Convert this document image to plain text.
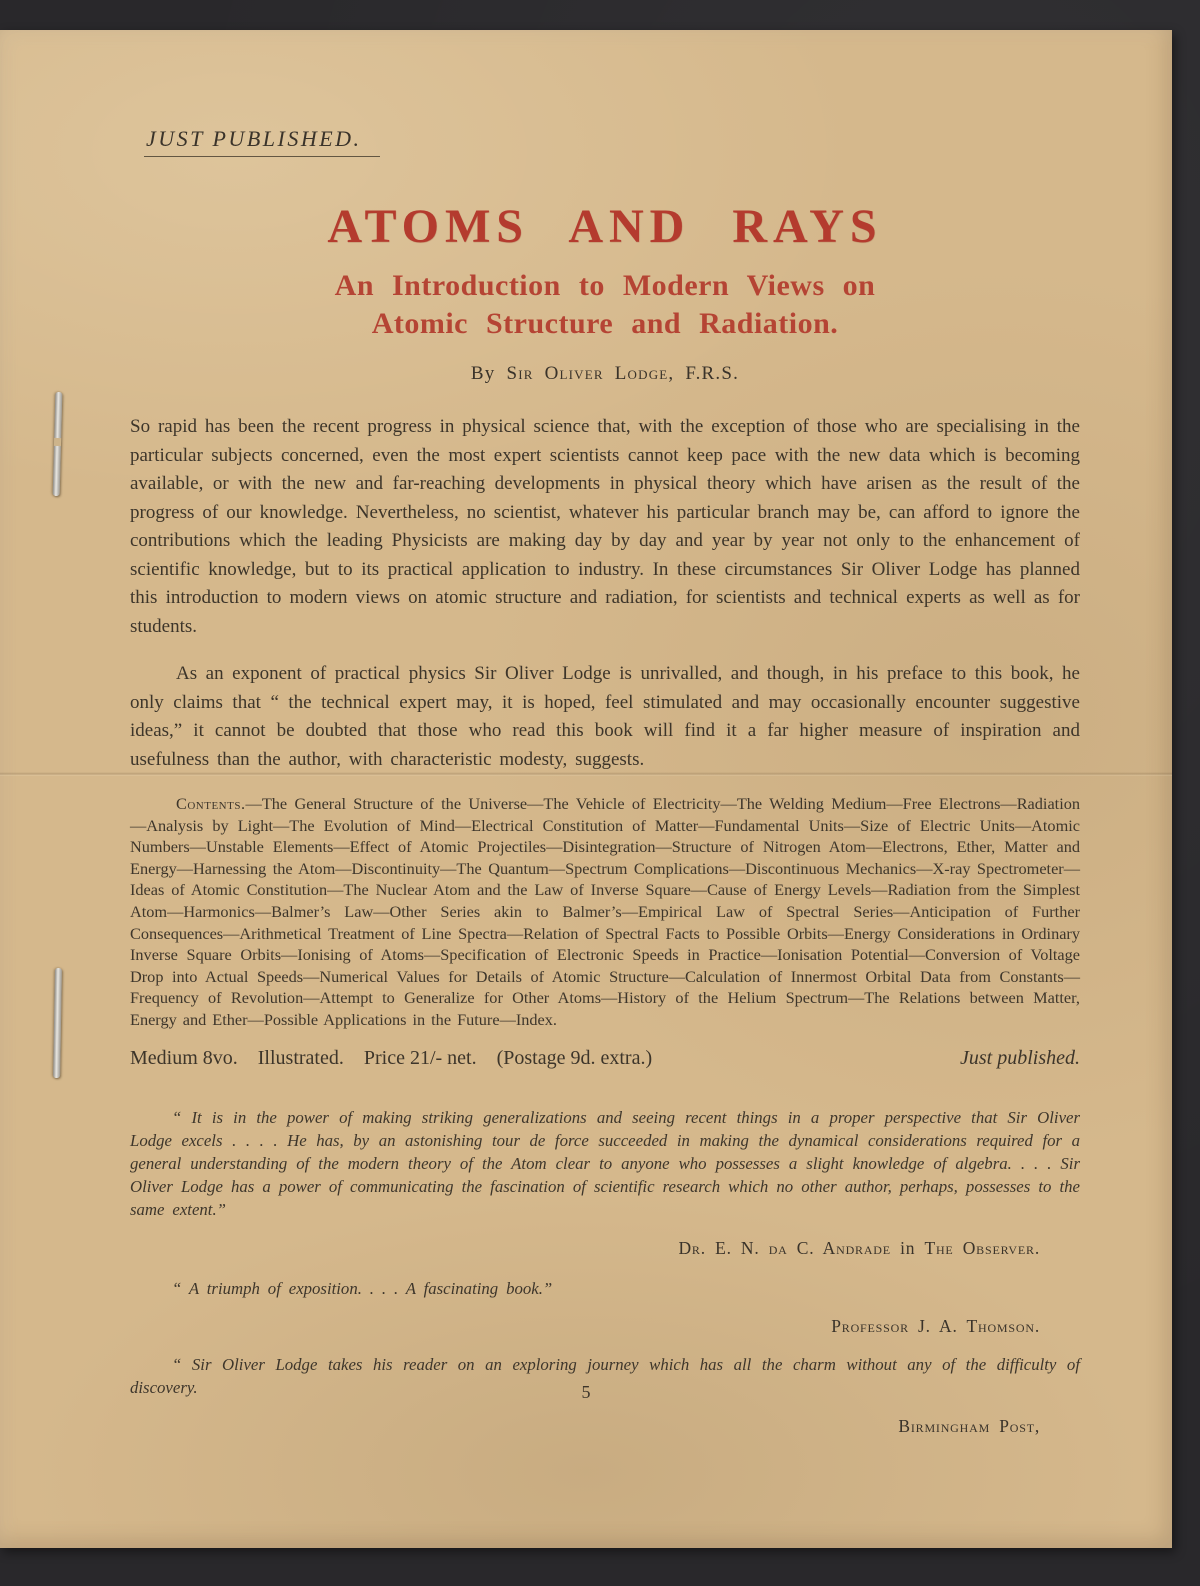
JUST PUBLISHED.
ATOMS AND RAYS
An Introduction to Modern Views on
Atomic Structure and Radiation.
By Sir Oliver Lodge, F.R.S.

So rapid has been the recent progress in physical science that, with the exception of those who are specialising in the particular subjects concerned, even the most expert scientists cannot keep pace with the new data which is becoming available, or with the new and far-reaching developments in physical theory which have arisen as the result of the progress of our knowledge. Nevertheless, no scientist, whatever his particular branch may be, can afford to ignore the contributions which the leading Physicists are making day by day and year by year not only to the enhancement of scientific knowledge, but to its practical application to industry. In these circumstances Sir Oliver Lodge has planned this introduction to modern views on atomic structure and radiation, for scientists and technical experts as well as for students.

As an exponent of practical physics Sir Oliver Lodge is unrivalled, and though, in his preface to this book, he only claims that “ the technical expert may, it is hoped, feel stimulated and may occasionally encounter suggestive ideas,” it cannot be doubted that those who read this book will find it a far higher measure of inspiration and usefulness than the author, with characteristic modesty, suggests.

Contents.—The General Structure of the Universe—The Vehicle of Electricity—The Welding Medium—Free Electrons—Radiation—Analysis by Light—The Evolution of Mind—Electrical Constitution of Matter—Fundamental Units—Size of Electric Units—Atomic Numbers—Unstable Elements—Effect of Atomic Projectiles—Disintegration—Structure of Nitrogen Atom—Electrons, Ether, Matter and Energy—Harnessing the Atom—Discontinuity—The Quantum—Spectrum Complications—Discontinuous Mechanics—X-ray Spectrometer—Ideas of Atomic Constitution—The Nuclear Atom and the Law of Inverse Square—Cause of Energy Levels—Radiation from the Simplest Atom—Harmonics—Balmer’s Law—Other Series akin to Balmer’s—Empirical Law of Spectral Series—Anticipation of Further Consequences—Arithmetical Treatment of Line Spectra—Relation of Spectral Facts to Possible Orbits—Energy Considerations in Ordinary Inverse Square Orbits—Ionising of Atoms—Specification of Electronic Speeds in Practice—Ionisation Potential—Conversion of Voltage Drop into Actual Speeds—Numerical Values for Details of Atomic Structure—Calculation of Innermost Orbital Data from Constants—Frequency of Revolution—Attempt to Generalize for Other Atoms—History of the Helium Spectrum—The Relations between Matter, Energy and Ether—Possible Applications in the Future—Index.

Medium 8vo.  Illustrated.  Price 21/- net.  (Postage 9d. extra.)	Just published.

“ It is in the power of making striking generalizations and seeing recent things in a proper perspective that Sir Oliver Lodge excels . . . . He has, by an astonishing tour de force succeeded in making the dynamical considerations required for a general understanding of the modern theory of the Atom clear to anyone who possesses a slight knowledge of algebra. . . . Sir Oliver Lodge has a power of communicating the fascination of scientific research which no other author, perhaps, possesses to the same extent.”

Dr. E. N. da C. Andrade in The Observer.

“ A triumph of exposition. . . . A fascinating book.”

Professor J. A. Thomson.

“ Sir Oliver Lodge takes his reader on an exploring journey which has all the charm without any of the difficulty of discovery.

Birmingham Post,
5
